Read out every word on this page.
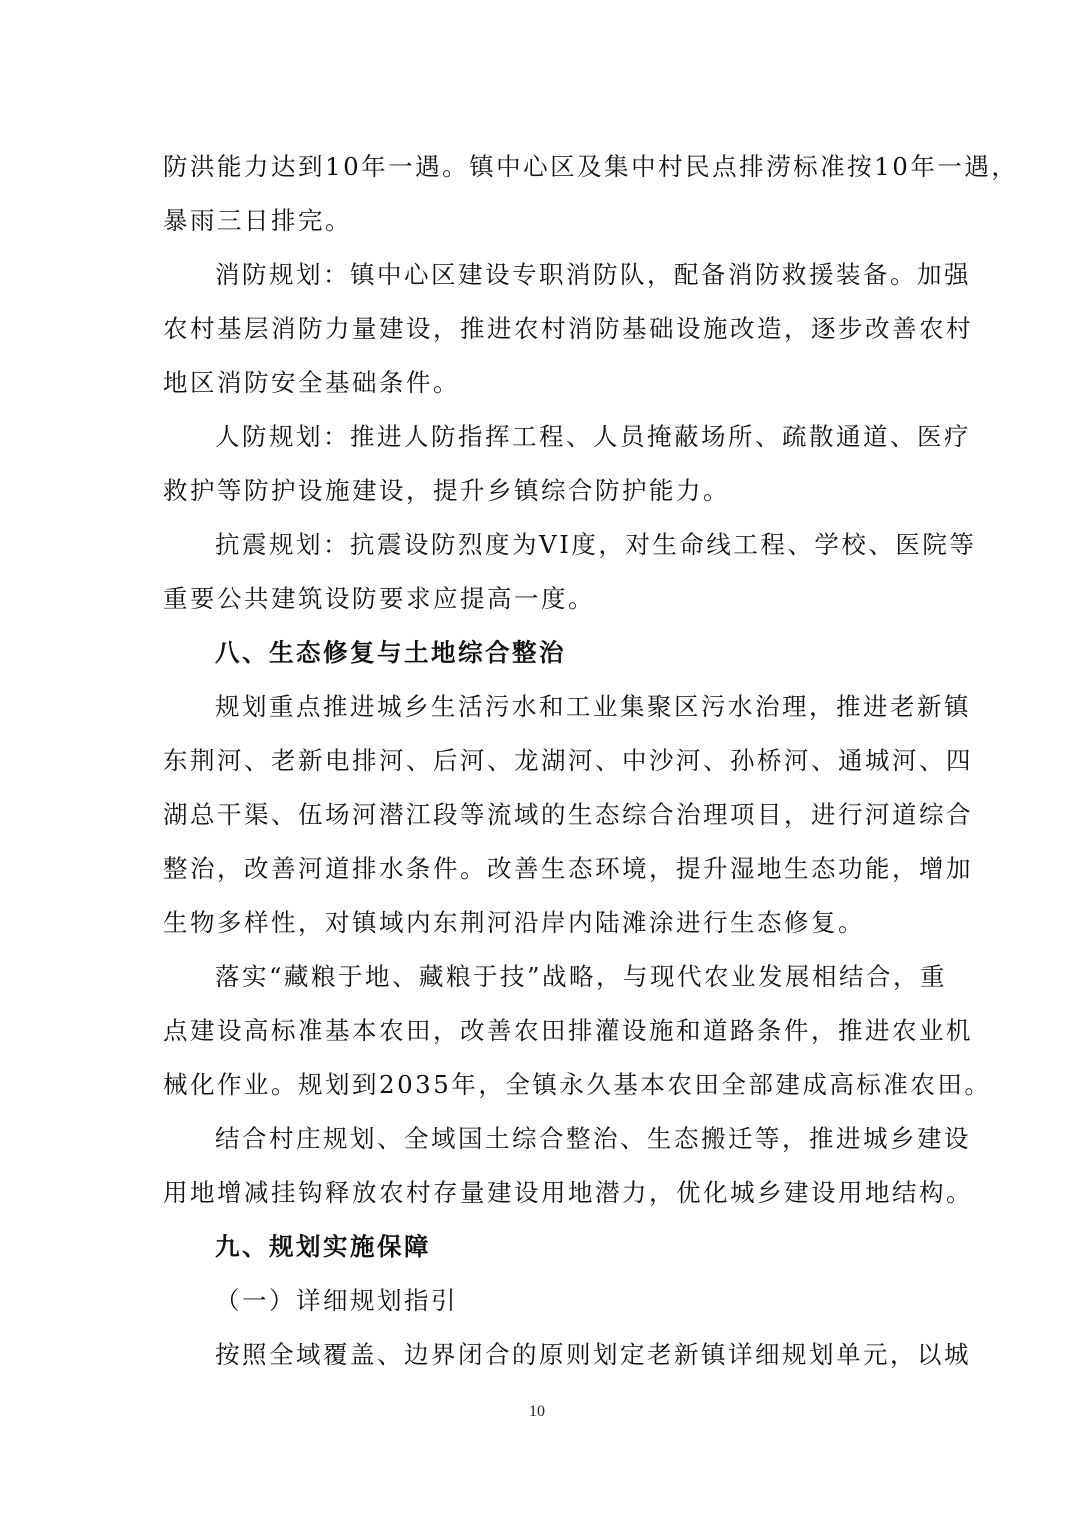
防洪能力达到10年一遇。镇中心区及集中村民点排涝标准按10年一遇，
暴雨三日排完。
消防规划：镇中心区建设专职消防队，配备消防救援装备。加强
农村基层消防力量建设，推进农村消防基础设施改造，逐步改善农村
地区消防安全基础条件。
人防规划：推进人防指挥工程、人员掩蔽场所、疏散通道、医疗
救护等防护设施建设，提升乡镇综合防护能力。
抗震规划：抗震设防烈度为VI度，对生命线工程、学校、医院等
重要公共建筑设防要求应提高一度。
八、生态修复与土地综合整治
规划重点推进城乡生活污水和工业集聚区污水治理，推进老新镇
东荆河、老新电排河、后河、龙湖河、中沙河、孙桥河、通城河、四
湖总干渠、伍场河潜江段等流域的生态综合治理项目，进行河道综合
整治，改善河道排水条件。改善生态环境，提升湿地生态功能，增加
生物多样性，对镇域内东荆河沿岸内陆滩涂进行生态修复。
落实“藏粮于地、藏粮于技”战略，与现代农业发展相结合，重
点建设高标准基本农田，改善农田排灌设施和道路条件，推进农业机
械化作业。规划到2035年，全镇永久基本农田全部建成高标准农田。
结合村庄规划、全域国土综合整治、生态搬迁等，推进城乡建设
用地增减挂钩释放农村存量建设用地潜力，优化城乡建设用地结构。
九、规划实施保障
（一）详细规划指引
按照全域覆盖、边界闭合的原则划定老新镇详细规划单元，以城
10
